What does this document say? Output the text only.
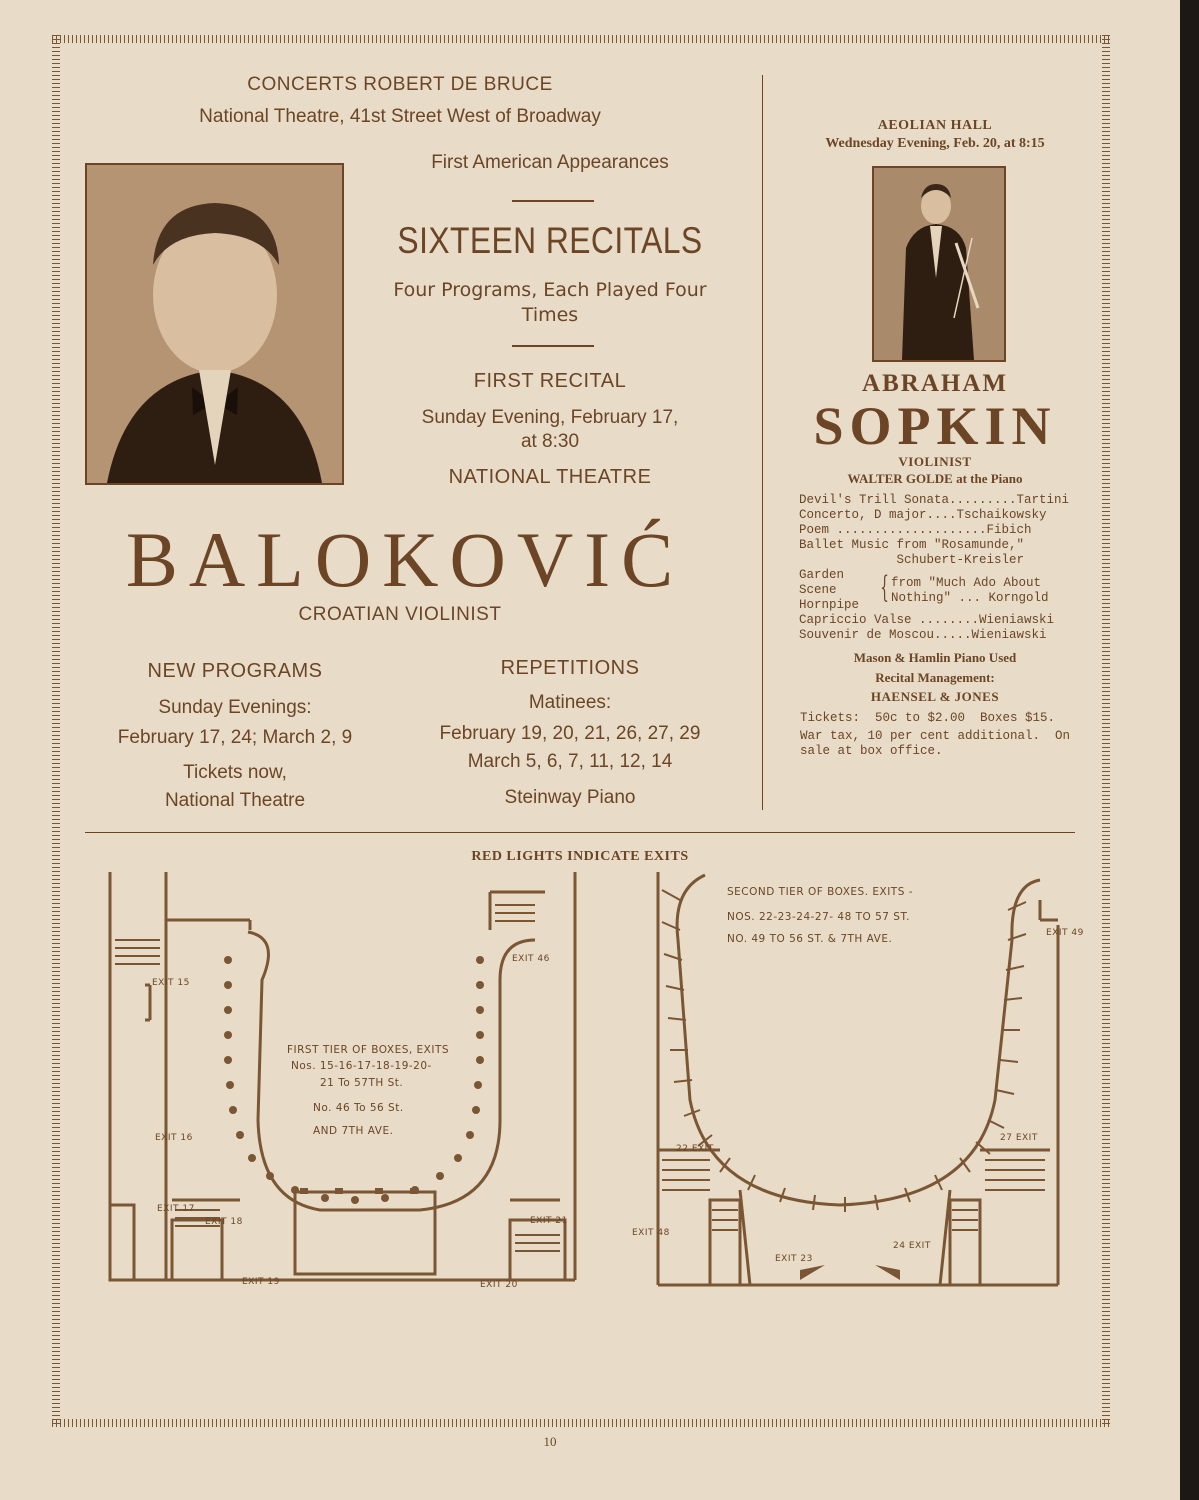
CONCERTS ROBERT DE BRUCE
National Theatre, 41st Street West of Broadway
First American Appearances
SIXTEEN RECITALS
Four Programs, Each Played Four Times
FIRST RECITAL
Sunday Evening, February 17,
at 8:30
NATIONAL THEATRE
BALOKOVIĆ
CROATIAN VIOLINIST
NEW PROGRAMS
Sunday Evenings:
February 17, 24; March 2, 9
Tickets now,
National Theatre
REPETITIONS
Matinees:
February 19, 20, 21, 26, 27, 29
March 5, 6, 7, 11, 12, 14
Steinway Piano
AEOLIAN HALL
Wednesday Evening, Feb. 20, at 8:15
ABRAHAM
SOPKIN
VIOLINIST
WALTER GOLDE at the Piano
Devil's Trill Sonata.........Tartini
Concerto, D major....Tschaikowsky
Poem ....................Fibich
Ballet Music from "Rosamunde,"
Schubert-Kreisler
Garden
Scene
Hornpipe { from "Much Ado About
Nothing" ... Korngold
Capriccio Valse ........Wieniawski
Souvenir de Moscou.....Wieniawski
Mason & Hamlin Piano Used
Recital Management:
HAENSEL & JONES
Tickets:  50c to $2.00  Boxes $15.
War tax, 10 per cent additional.  On
sale at box office.
RED LIGHTS INDICATE EXITS
FIRST TIER OF BOXES, EXITS
Nos. 15-16-17-18-19-20-
21 To 57TH St.
No. 46 To 56 St.
AND 7TH AVE.
EXIT 15
EXIT 16
EXIT 17
EXIT 18
EXIT 19	EXIT 20
EXIT 21
EXIT 46
SECOND TIER OF BOXES. EXITS -
NOS. 22-23-24-27- 48 TO 57 ST.
NO. 49 TO 56 ST. & 7TH AVE.	EXIT 49
22 EXIT
27 EXIT
EXIT 48
EXIT 23
24 EXIT
10
